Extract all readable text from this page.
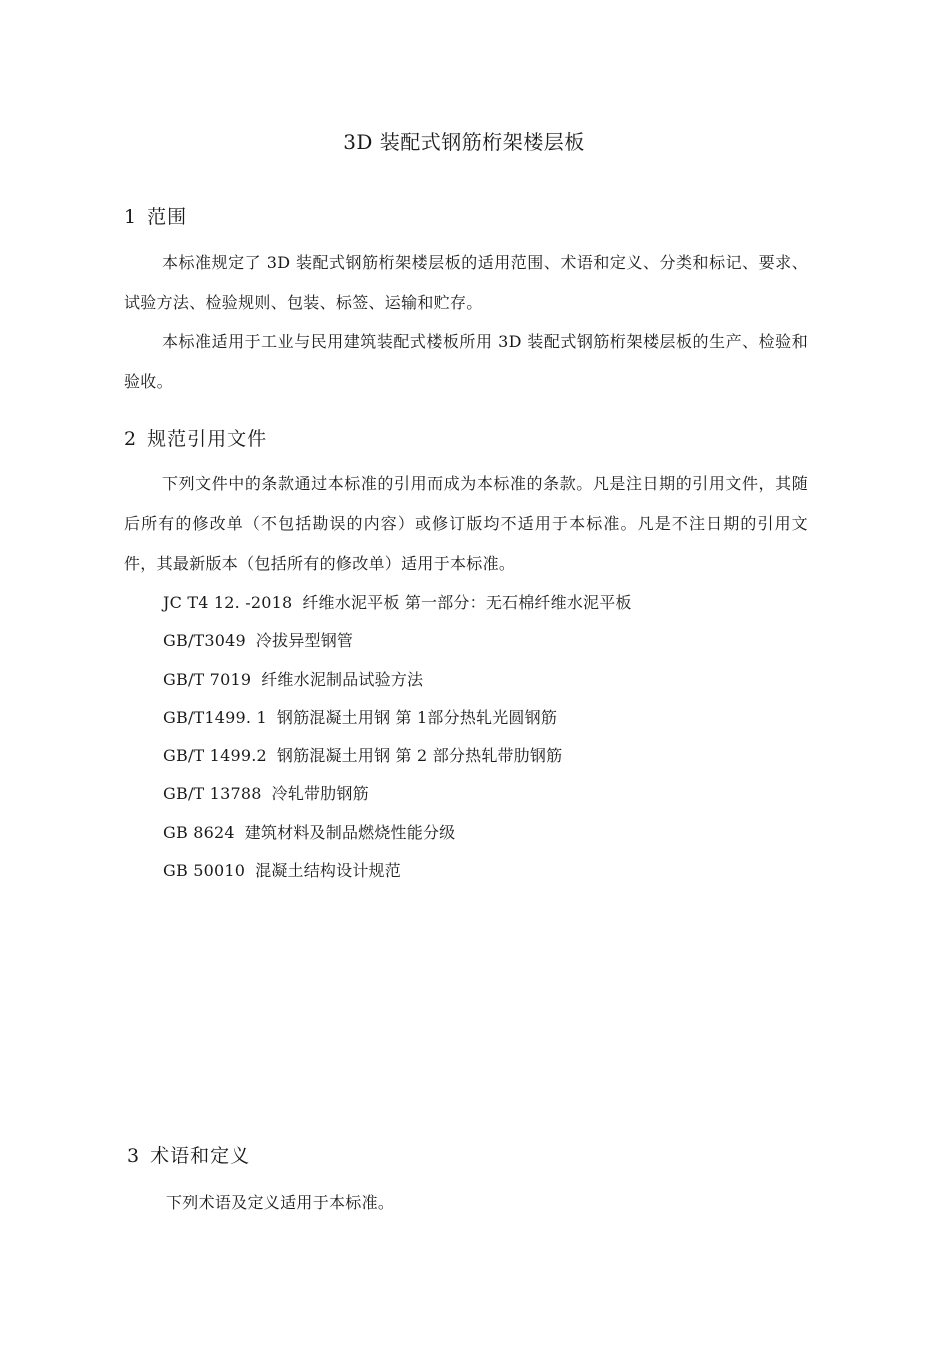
3D 装配式钢筋桁架楼层板
1 范围

本标准规定了 3D 装配式钢筋桁架楼层板的适用范围、术语和定义、分类和标记、要求、试验方法、检验规则、包装、标签、运输和贮存。

本标准适用于工业与民用建筑装配式楼板所用 3D 装配式钢筋桁架楼层板的生产、检验和验收。

2 规范引用文件

下列文件中的条款通过本标准的引用而成为本标准的条款。凡是注日期的引用文件，其随后所有的修改单（不包括勘误的内容）或修订版均不适用于本标准。凡是不注日期的引用文件，其最新版本（包括所有的修改单）适用于本标准。

JC T4 12. -2018 纤维水泥平板 第一部分：无石棉纤维水泥平板
GB/T3049 冷拔异型钢管
GB/T 7019 纤维水泥制品试验方法
GB/T1499. 1 钢筋混凝土用钢 第 1部分热轧光圆钢筋
GB/T 1499.2 钢筋混凝土用钢 第 2 部分热轧带肋钢筋
GB/T 13788 冷轧带肋钢筋
GB 8624 建筑材料及制品燃烧性能分级
GB 50010 混凝土结构设计规范
3 术语和定义

下列术语及定义适用于本标准。
